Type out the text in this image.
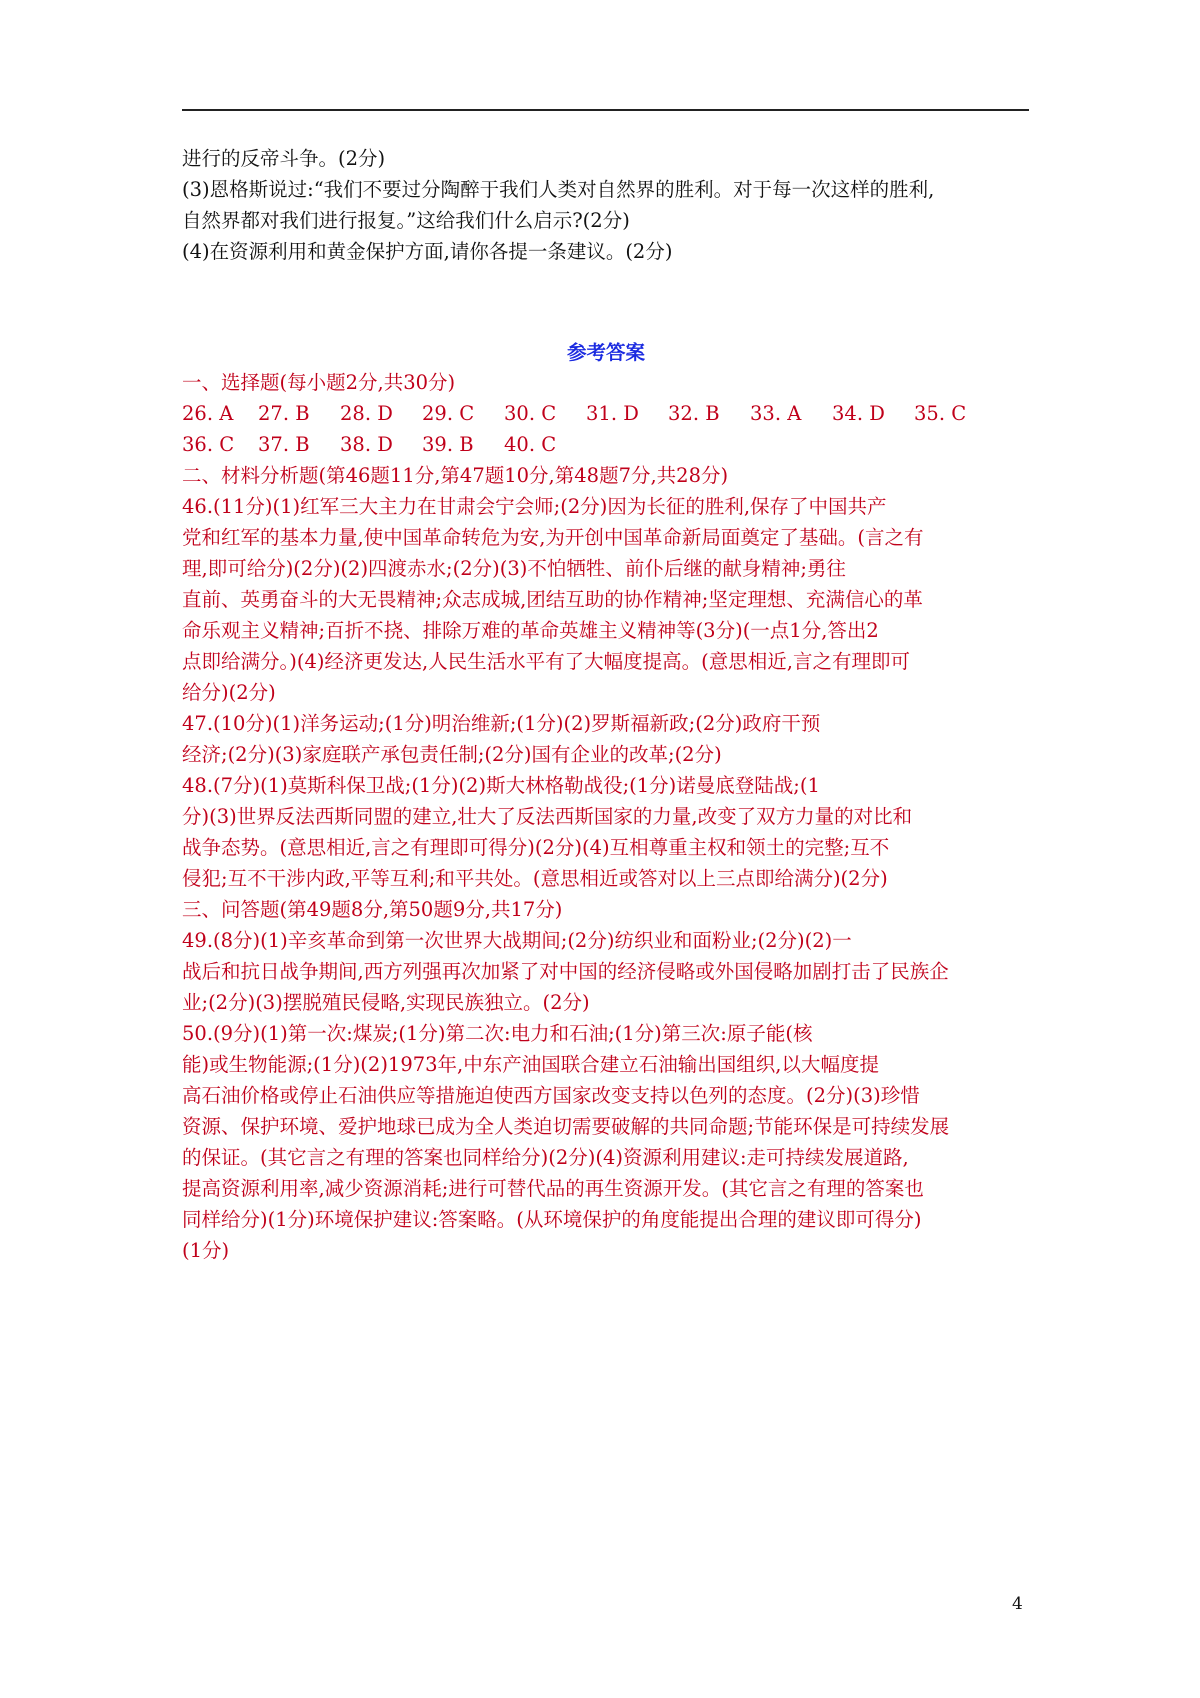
进行的反帝斗争。(2分)
(3)恩格斯说过:“我们不要过分陶醉于我们人类对自然界的胜利。对于每一次这样的胜利,
自然界都对我们进行报复。”这给我们什么启示?(2分)
(4)在资源利用和黄金保护方面,请你各提一条建议。(2分)
参考答案
一、选择题(每小题2分,共30分)
26. A 27. B 28. D 29. C 30. C 31. D 32. B 33. A 34. D 35. C
36. C 37. B 38. D 39. B 40. C
二、材料分析题(第46题11分,第47题10分,第48题7分,共28分)
46.(11分)(1)红军三大主力在甘肃会宁会师;(2分)因为长征的胜利,保存了中国共产
党和红军的基本力量,使中国革命转危为安,为开创中国革命新局面奠定了基础。(言之有
理,即可给分)(2分)(2)四渡赤水;(2分)(3)不怕牺牲、前仆后继的献身精神;勇往
直前、英勇奋斗的大无畏精神;众志成城,团结互助的协作精神;坚定理想、充满信心的革
命乐观主义精神;百折不挠、排除万难的革命英雄主义精神等(3分)(一点1分,答出2
点即给满分。)(4)经济更发达,人民生活水平有了大幅度提高。(意思相近,言之有理即可
给分)(2分)
47.(10分)(1)洋务运动;(1分)明治维新;(1分)(2)罗斯福新政;(2分)政府干预
经济;(2分)(3)家庭联产承包责任制;(2分)国有企业的改革;(2分)
48.(7分)(1)莫斯科保卫战;(1分)(2)斯大林格勒战役;(1分)诺曼底登陆战;(1
分)(3)世界反法西斯同盟的建立,壮大了反法西斯国家的力量,改变了双方力量的对比和
战争态势。(意思相近,言之有理即可得分)(2分)(4)互相尊重主权和领土的完整;互不
侵犯;互不干涉内政,平等互利;和平共处。(意思相近或答对以上三点即给满分)(2分)
三、问答题(第49题8分,第50题9分,共17分)
49.(8分)(1)辛亥革命到第一次世界大战期间;(2分)纺织业和面粉业;(2分)(2)一
战后和抗日战争期间,西方列强再次加紧了对中国的经济侵略或外国侵略加剧打击了民族企
业;(2分)(3)摆脱殖民侵略,实现民族独立。(2分)
50.(9分)(1)第一次:煤炭;(1分)第二次:电力和石油;(1分)第三次:原子能(核
能)或生物能源;(1分)(2)1973年,中东产油国联合建立石油输出国组织,以大幅度提
高石油价格或停止石油供应等措施迫使西方国家改变支持以色列的态度。(2分)(3)珍惜
资源、保护环境、爱护地球已成为全人类迫切需要破解的共同命题;节能环保是可持续发展
的保证。(其它言之有理的答案也同样给分)(2分)(4)资源利用建议:走可持续发展道路,
提高资源利用率,减少资源消耗;进行可替代品的再生资源开发。(其它言之有理的答案也
同样给分)(1分)环境保护建议:答案略。(从环境保护的角度能提出合理的建议即可得分)
(1分)
4
